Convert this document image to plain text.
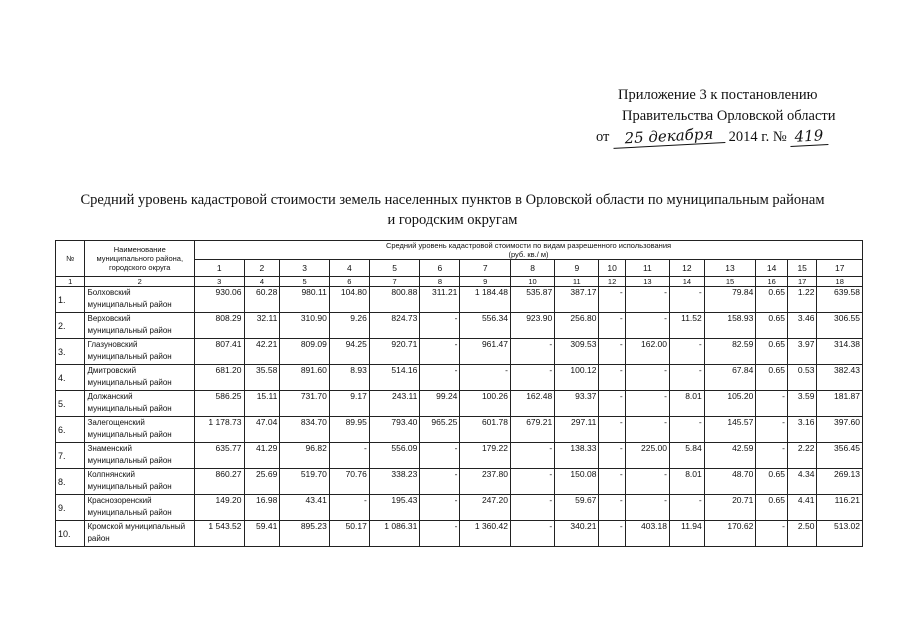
Приложение 3 к постановлению
Правительства Орловской области
от 25 декабря 2014 г. № 419
Средний уровень кадастровой стоимости земель населенных пунктов в Орловской области по муниципальным районам
и городским округам
№	Наименование муниципального района, городского округа	Средний уровень кадастровой стоимости по видам разрешенного использования
(руб. кв./ м)															

		1	2	3	4	5	6	7	8	9	10	11	12	13	14	15	17
1	2	3	4	5	6	7	8	9	10	11	12	13	14	15	16	17	18
1.	Болховский муниципальный район	930.06	60.28	980.11	104.80	800.88	311.21	1 184.48	535.87	387.17	-	-	-	79.84	0.65	1.22	639.58
2.	Верховский муниципальный район	808.29	32.11	310.90	9.26	824.73	-	556.34	923.90	256.80	-	-	11.52	158.93	0.65	3.46	306.55
3.	Глазуновский муниципальный район	807.41	42.21	809.09	94.25	920.71	-	961.47	-	309.53	-	162.00	-	82.59	0.65	3.97	314.38
4.	Дмитровский муниципальный район	681.20	35.58	891.60	8.93	514.16	-	-	-	100.12	-	-	-	67.84	0.65	0.53	382.43
5.	Должанский муниципальный район	586.25	15.11	731.70	9.17	243.11	99.24	100.26	162.48	93.37	-	-	8.01	105.20	-	3.59	181.87
6.	Залегощенский муниципальный район	1 178.73	47.04	834.70	89.95	793.40	965.25	601.78	679.21	297.11	-	-	-	145.57	-	3.16	397.60
7.	Знаменский муниципальный район	635.77	41.29	96.82	-	556.09	-	179.22	-	138.33	-	225.00	5.84	42.59	-	2.22	356.45
8.	Колпнянский муниципальный район	860.27	25.69	519.70	70.76	338.23	-	237.80	-	150.08	-	-	8.01	48.70	0.65	4.34	269.13
9.	Краснозоренский муниципальный район	149.20	16.98	43.41	-	195.43	-	247.20	-	59.67	-	-	-	20.71	0.65	4.41	116.21
10.	Кромской муниципальный район	1 543.52	59.41	895.23	50.17	1 086.31	-	1 360.42	-	340.21	-	403.18	11.94	170.62	-	2.50	513.02
